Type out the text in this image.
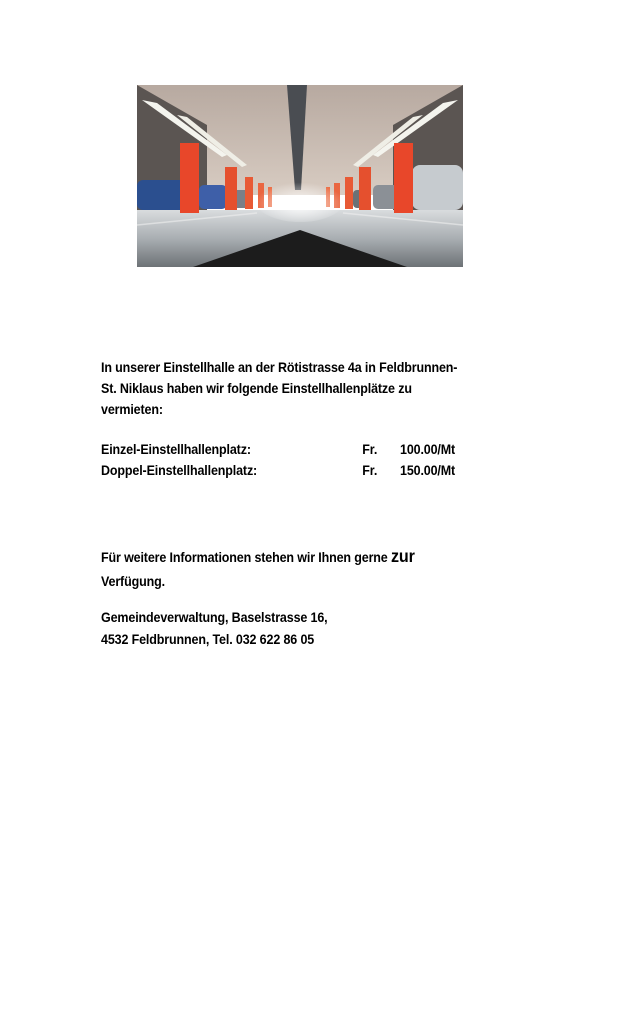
In unserer Einstellhalle an der Rötistrasse 4a in Feldbrunnen-
St. Niklaus haben wir folgende Einstellhallenplätze zu
vermieten:
Einzel-Einstellhallenplatz:	Fr. 100.00/Mt
Doppel-Einstellhallenplatz:	Fr. 150.00/Mt
Für weitere Informationen stehen wir Ihnen gerne zur
Verfügung.
Gemeindeverwaltung, Baselstrasse 16,
4532 Feldbrunnen, Tel. 032 622 86 05
